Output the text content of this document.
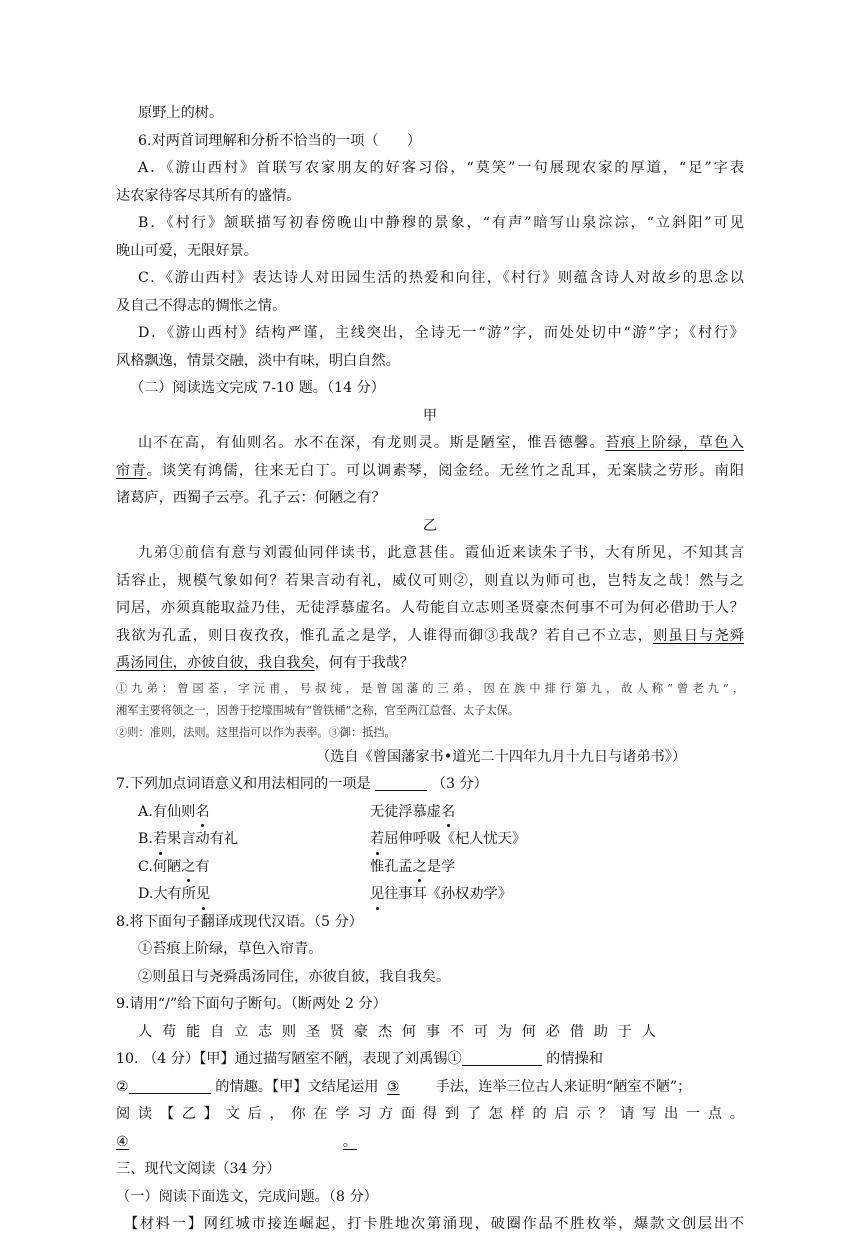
原野上的树。
6.对两首词理解和分析不恰当的一项（　　）
A．《游山西村》首联写农家朋友的好客习俗，“莫笑”一句展现农家的厚道，“足”字表
达农家待客尽其所有的盛情。
B．《村行》颔联描写初春傍晚山中静穆的景象，“有声”暗写山泉淙淙，“立斜阳”可见
晚山可爱，无限好景。
C．《游山西村》表达诗人对田园生活的热爱和向往，《村行》则蕴含诗人对故乡的思念以
及自己不得志的惆怅之情。
D．《游山西村》结构严谨，主线突出，全诗无一“游”字，而处处切中“游”字；《村行》
风格飘逸，情景交融，淡中有味，明白自然。
（二）阅读选文完成 7-10 题。（14 分）
甲
山不在高，有仙则名。水不在深，有龙则灵。斯是陋室，惟吾德馨。苔痕上阶绿，草色入
帘青。谈笑有鸿儒，往来无白丁。可以调素琴，阅金经。无丝竹之乱耳，无案牍之劳形。南阳
诸葛庐，西蜀子云亭。孔子云：何陋之有？
乙
九弟①前信有意与刘霞仙同伴读书，此意甚佳。霞仙近来读朱子书，大有所见，不知其言
话容止，规模气象如何？若果言动有礼，威仪可则②，则直以为师可也，岂特友之哉！然与之
同居，亦须真能取益乃佳，无徒浮慕虚名。人苟能自立志则圣贤豪杰何事不可为何必借助于人？
我欲为孔孟，则日夜孜孜，惟孔孟之是学，人谁得而御③我哉？若自己不立志，则虽日与尧舜
禹汤同住，亦彼自彼，我自我矣，何有于我哉？
①九弟：曾国荃，字沅甫，号叔纯，是曾国藩的三弟，因在族中排行第九，故人称“曾老九”，
湘军主要将领之一，因善于挖壕围城有“曾铁桶”之称，官至两江总督、太子太保。
②则：准则，法则。这里指可以作为表率。③御：抵挡。
（选自《曾国藩家书•道光二十四年九月十九日与诸弟书》）
7.下列加点词语意义和用法相同的一项是	（3 分）
A.有仙则名	无徒浮慕虚名
B.若果言动有礼	若屈伸呼吸《杞人忧天》
C.何陋之有	惟孔孟之是学
D.大有所见	见往事耳《孙权劝学》
8.将下面句子翻译成现代汉语。（5 分）
①苔痕上阶绿，草色入帘青。
②则虽日与尧舜禹汤同住，亦彼自彼，我自我矣。
9.请用“/”给下面句子断句。（断两处 2 分）
人苟能自立志则圣贤豪杰何事不可为何必借助于人
10. （4 分）【甲】通过描写陋室不陋，表现了刘禹锡①	的情操和
②	的情趣。【甲】文结尾运用 ③	手法，连举三位古人来证明“陋室不陋”；
阅读【乙】文后，你在学习方面得到了怎样的启示？请写出一点。
④	。
三、现代文阅读（34 分）
（一）阅读下面选文，完成问题。（8 分）
【材料一】网红城市接连崛起，打卡胜地次第涌现，破圈作品不胜枚举，爆款文创层出不
